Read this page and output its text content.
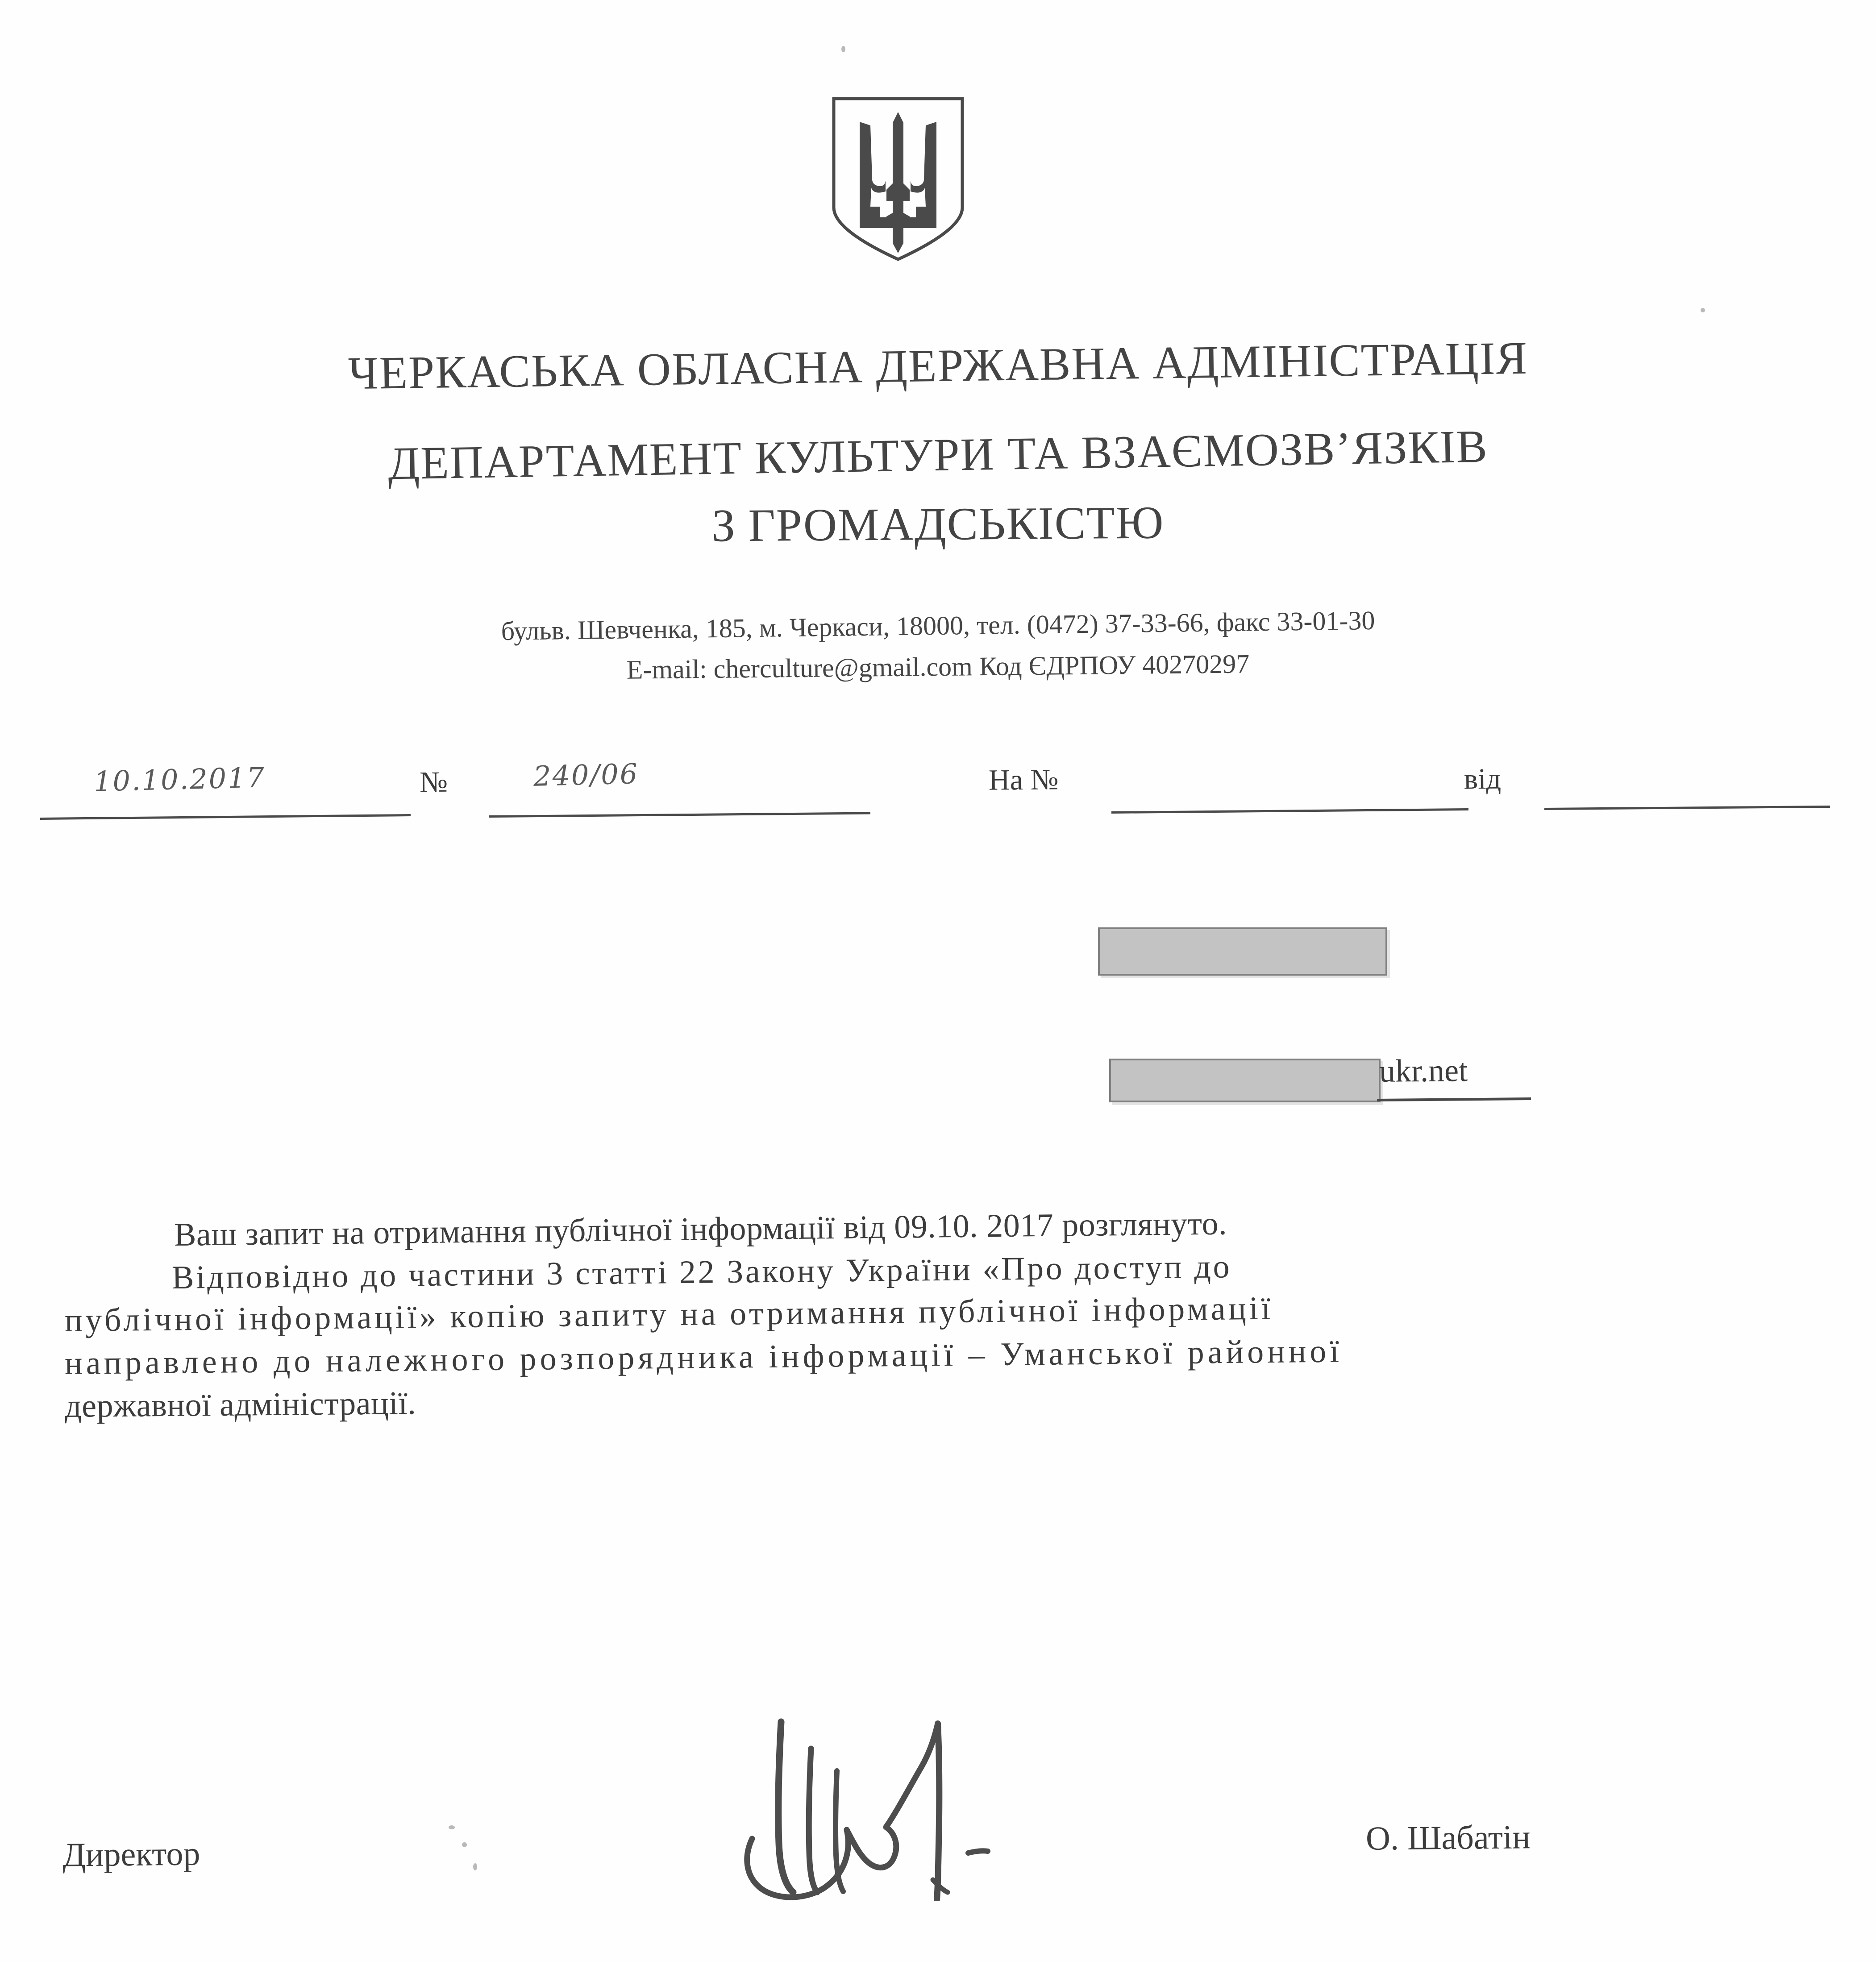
ЧЕРКАСЬКА ОБЛАСНА ДЕРЖАВНА АДМІНІСТРАЦІЯ
ДЕПАРТАМЕНТ КУЛЬТУРИ ТА ВЗАЄМОЗВ’ЯЗКІВ
З ГРОМАДСЬКІСТЮ
бульв. Шевченка, 185, м. Черкаси, 18000, тел. (0472) 37-33-66, факс 33-01-30
E-mail: cherculture@gmail.com Код ЄДРПОУ 40270297
10.10.2017	№	240/06	На №	від
ukr.net
Ваш запит на отримання публічної інформації від 09.10. 2017 розглянуто.
Відповідно до частини 3 статті 22 Закону України «Про доступ до
публічної інформації» копію запиту на отримання публічної інформації
направлено до належного розпорядника інформації – Уманської районної
державної адміністрації.
Директор	О. Шабатін
